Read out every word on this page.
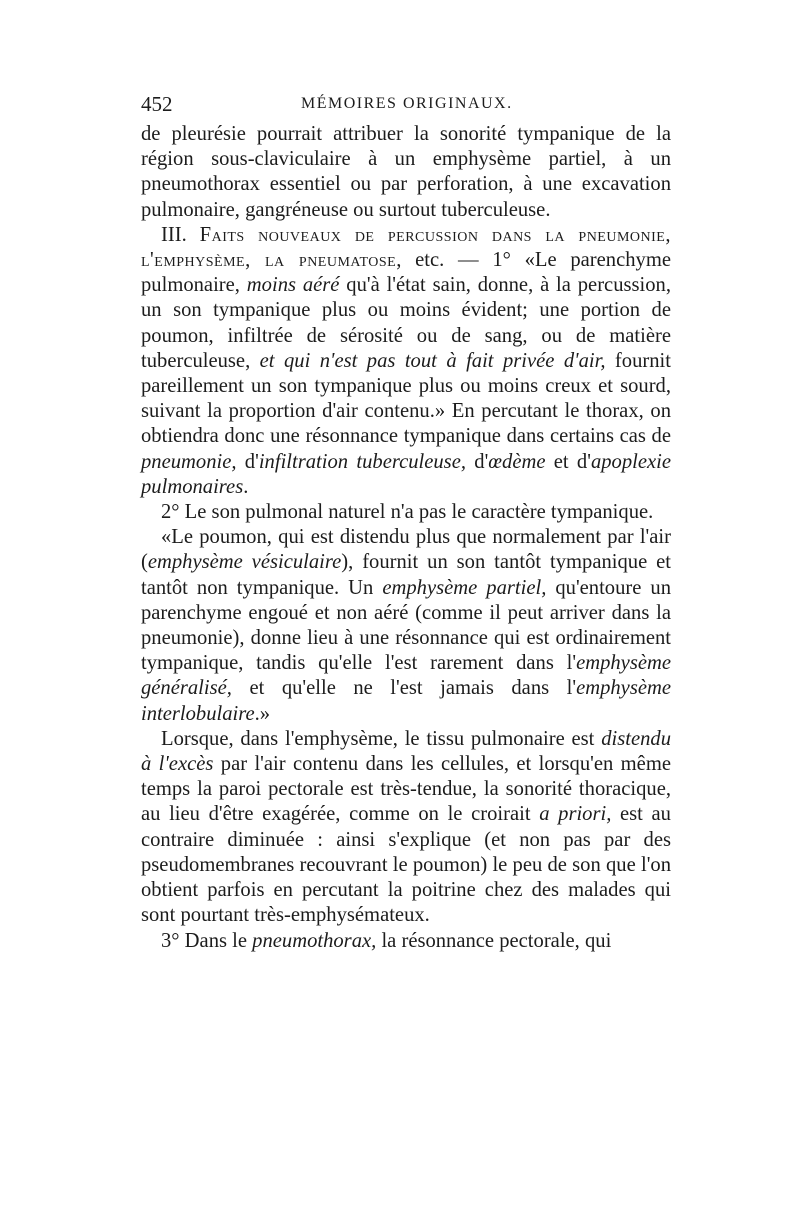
452	MÉMOIRES ORIGINAUX.

de pleurésie pourrait attribuer la sonorité tympanique de la région sous-claviculaire à un emphysème partiel, à un pneumothorax essentiel ou par perforation, à une excavation pulmonaire, gangréneuse ou surtout tuberculeuse.

III. Faits nouveaux de percussion dans la pneumonie, l'emphysème, la pneumatose, etc. — 1° «Le parenchyme pulmonaire, moins aéré qu'à l'état sain, donne, à la percussion, un son tympanique plus ou moins évident; une portion de poumon, infiltrée de sérosité ou de sang, ou de matière tuberculeuse, et qui n'est pas tout à fait privée d'air, fournit pareillement un son tympanique plus ou moins creux et sourd, suivant la proportion d'air contenu.» En percutant le thorax, on obtiendra donc une résonnance tympanique dans certains cas de pneumonie, d'infiltration tuberculeuse, d'œdème et d'apoplexie pulmonaires.

2° Le son pulmonal naturel n'a pas le caractère tympanique.

«Le poumon, qui est distendu plus que normalement par l'air (emphysème vésiculaire), fournit un son tantôt tympanique et tantôt non tympanique. Un emphysème partiel, qu'entoure un parenchyme engoué et non aéré (comme il peut arriver dans la pneumonie), donne lieu à une résonnance qui est ordinairement tympanique, tandis qu'elle l'est rarement dans l'emphysème généralisé, et qu'elle ne l'est jamais dans l'emphysème interlobulaire.»

Lorsque, dans l'emphysème, le tissu pulmonaire est distendu à l'excès par l'air contenu dans les cellules, et lorsqu'en même temps la paroi pectorale est très-tendue, la sonorité thoracique, au lieu d'être exagérée, comme on le croirait a priori, est au contraire diminuée : ainsi s'explique (et non pas par des pseudomembranes recouvrant le poumon) le peu de son que l'on obtient parfois en percutant la poitrine chez des malades qui sont pourtant très-emphysémateux.

3° Dans le pneumothorax, la résonnance pectorale, qui
